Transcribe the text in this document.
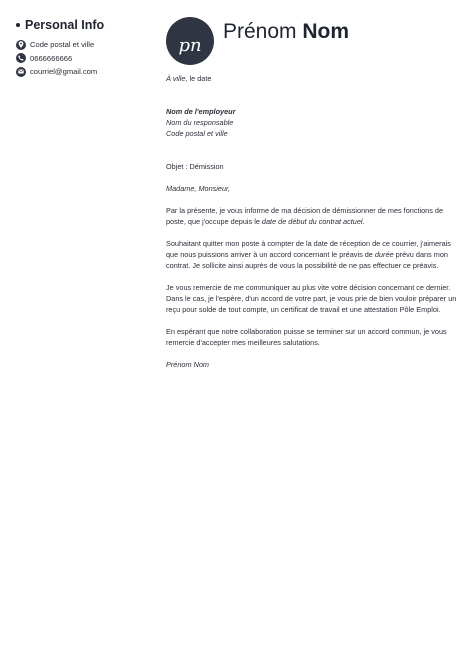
Personal Info
Code postal et ville
0666666666
courriel@gmail.com
pn
Prénom Nom

À ville, le date

Nom de l'employeur

Nom du responsable

Code postal et ville

Objet : Démission

Madame, Monsieur,

Par la présente, je vous informe de ma décision de démissionner de mes fonctions de poste, que j'occupe depuis le date de début du contrat actuel.

Souhaitant quitter mon poste à compter de la date de réception de ce courrier, j'aimerais que nous puissions arriver à un accord concernant le préavis de durée prévu dans mon contrat. Je sollicite ainsi auprès de vous la possibilité de ne pas effectuer ce préavis.

Je vous remercie de me communiquer au plus vite votre décision concernant ce dernier. Dans le cas, je l'espère, d'un accord de votre part, je vous prie de bien vouloir préparer un reçu pour solde de tout compte, un certificat de travail et une attestation Pôle Emploi.

En espérant que notre collaboration puisse se terminer sur un accord commun, je vous remercie d'accepter mes meilleures salutations.

Prénom Nom
